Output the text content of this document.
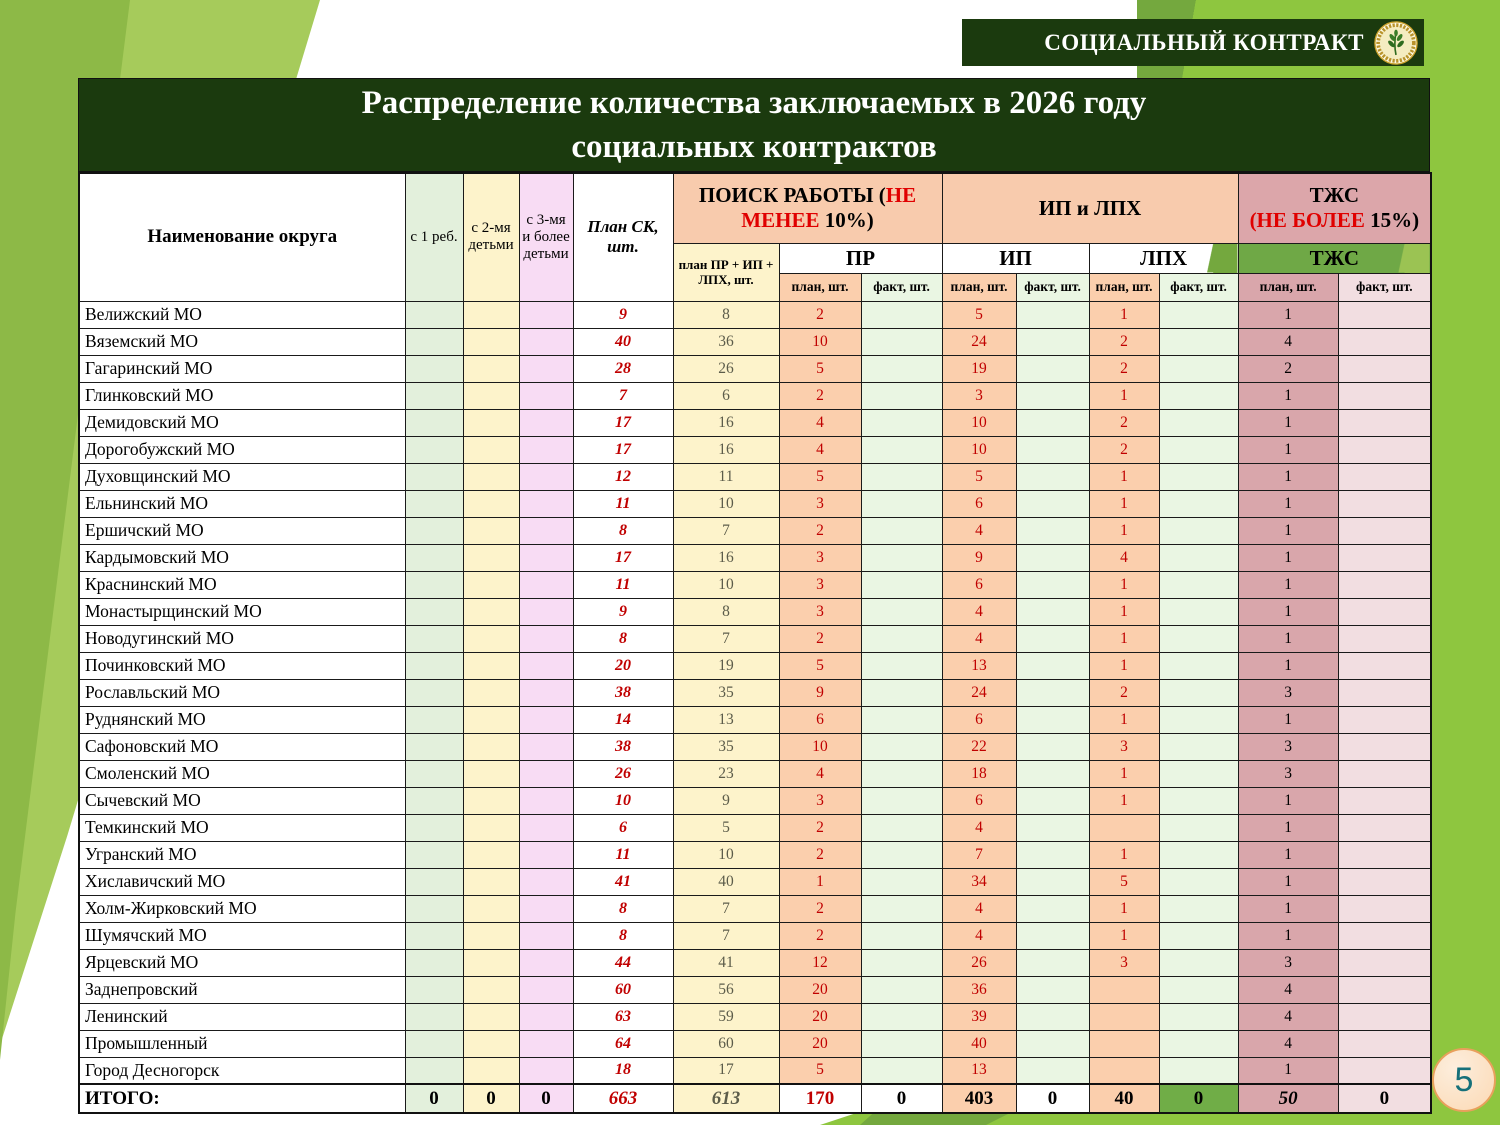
СОЦИАЛЬНЫЙ КОНТРАКТ
Распределение количества заключаемых в 2026 году
социальных контрактов
Наименование округа	с 1 реб.	с 2-мя детьми	с 3-мя и более детьми	План СК, шт.	ПОИСК РАБОТЫ (НЕ МЕНЕЕ 10%)			ИП и ЛПХ				ТЖС
(НЕ БОЛЕЕ 15%)	
					план ПР + ИП + ЛПХ, шт.	ПР		ИП		ЛПХ		ТЖС	
						план, шт.	факт, шт.	план, шт.	факт, шт.	план, шт.	факт, шт.	план, шт.	факт, шт.
Велижский МО				9	8	2		5		1		1	
Вяземский МО				40	36	10		24		2		4	
Гагаринский МО				28	26	5		19		2		2	
Глинковский МО				7	6	2		3		1		1	
Демидовский МО				17	16	4		10		2		1	
Дорогобужский МО				17	16	4		10		2		1	
Духовщинский МО				12	11	5		5		1		1	
Ельнинский МО				11	10	3		6		1		1	
Ершичский МО				8	7	2		4		1		1	
Кардымовский МО				17	16	3		9		4		1	
Краснинский МО				11	10	3		6		1		1	
Монастырщинский МО				9	8	3		4		1		1	
Новодугинский МО				8	7	2		4		1		1	
Починковский МО				20	19	5		13		1		1	
Рославльский МО				38	35	9		24		2		3	
Руднянский МО				14	13	6		6		1		1	
Сафоновский МО				38	35	10		22		3		3	
Смоленский МО				26	23	4		18		1		3	
Сычевский МО				10	9	3		6		1		1	
Темкинский МО				6	5	2		4				1	
Угранский МО				11	10	2		7		1		1	
Хиславичский МО				41	40	1		34		5		1	
Холм-Жирковский МО				8	7	2		4		1		1	
Шумячский МО				8	7	2		4		1		1	
Ярцевский МО				44	41	12		26		3		3	
Заднепровский				60	56	20		36				4	
Ленинский				63	59	20		39				4	
Промышленный				64	60	20		40				4	
Город Десногорск				18	17	5		13				1	
ИТОГО:	0	0	0	663	613	170	0	403	0	40	0	50	0 5
